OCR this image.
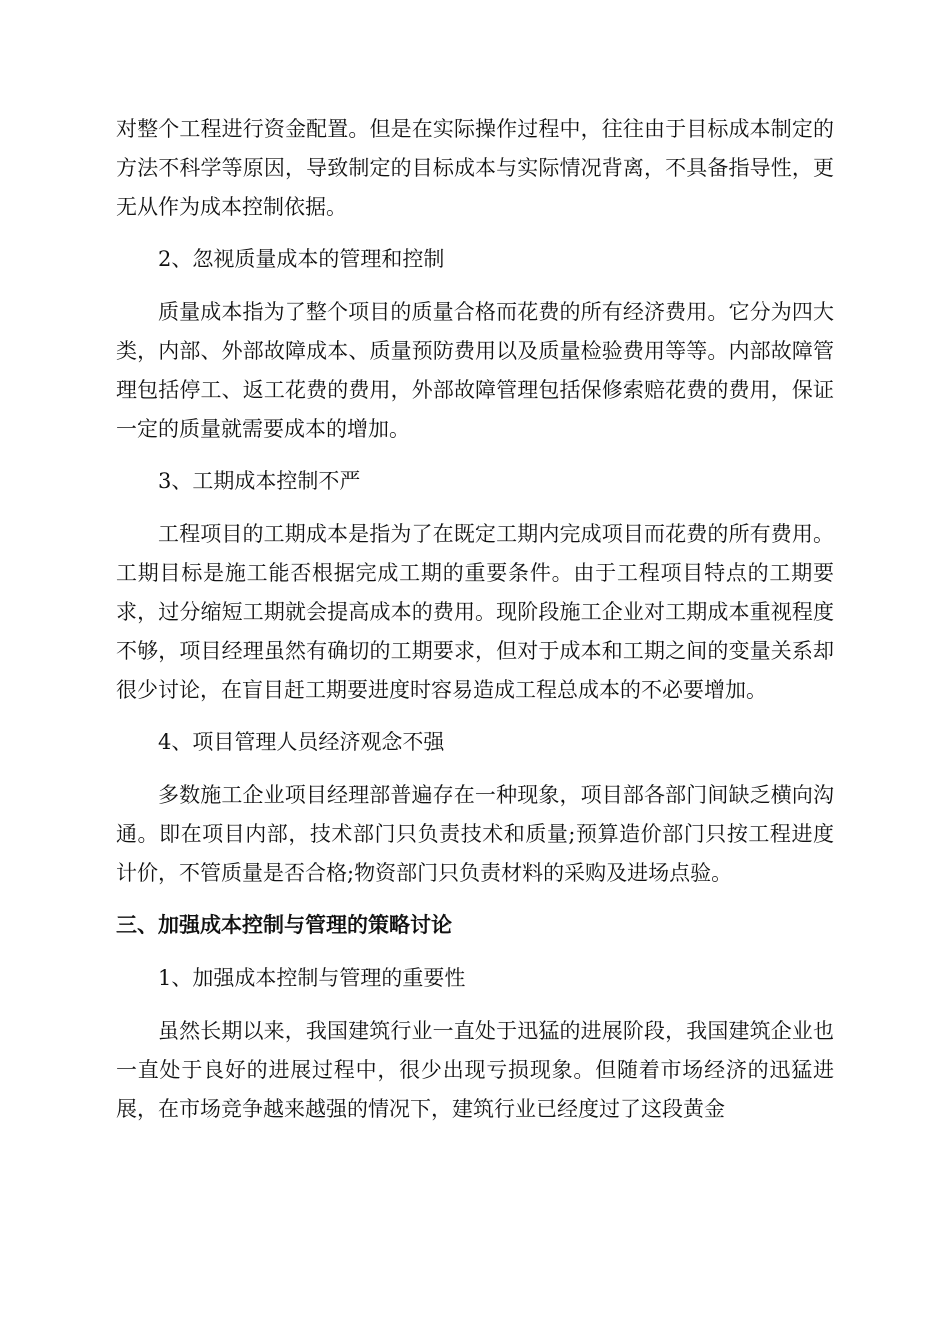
对整个工程进行资金配置。但是在实际操作过程中，往往由于目标成本制定的方法不科学等原因，导致制定的目标成本与实际情况背离，不具备指导性，更无从作为成本控制依据。

2、忽视质量成本的管理和控制

质量成本指为了整个项目的质量合格而花费的所有经济费用。它分为四大类，内部、外部故障成本、质量预防费用以及质量检验费用等等。内部故障管理包括停工、返工花费的费用，外部故障管理包括保修索赔花费的费用，保证一定的质量就需要成本的增加。

3、工期成本控制不严

工程项目的工期成本是指为了在既定工期内完成项目而花费的所有费用。工期目标是施工能否根据完成工期的重要条件。由于工程项目特点的工期要求，过分缩短工期就会提高成本的费用。现阶段施工企业对工期成本重视程度不够，项目经理虽然有确切的工期要求，但对于成本和工期之间的变量关系却很少讨论，在盲目赶工期要进度时容易造成工程总成本的不必要增加。

4、项目管理人员经济观念不强

多数施工企业项目经理部普遍存在一种现象，项目部各部门间缺乏横向沟通。即在项目内部，技术部门只负责技术和质量;预算造价部门只按工程进度计价，不管质量是否合格;物资部门只负责材料的采购及进场点验。

三、加强成本控制与管理的策略讨论

1、加强成本控制与管理的重要性

虽然长期以来，我国建筑行业一直处于迅猛的进展阶段，我国建筑企业也一直处于良好的进展过程中，很少出现亏损现象。但随着市场经济的迅猛进展，在市场竞争越来越强的情况下，建筑行业已经度过了这段黄金
